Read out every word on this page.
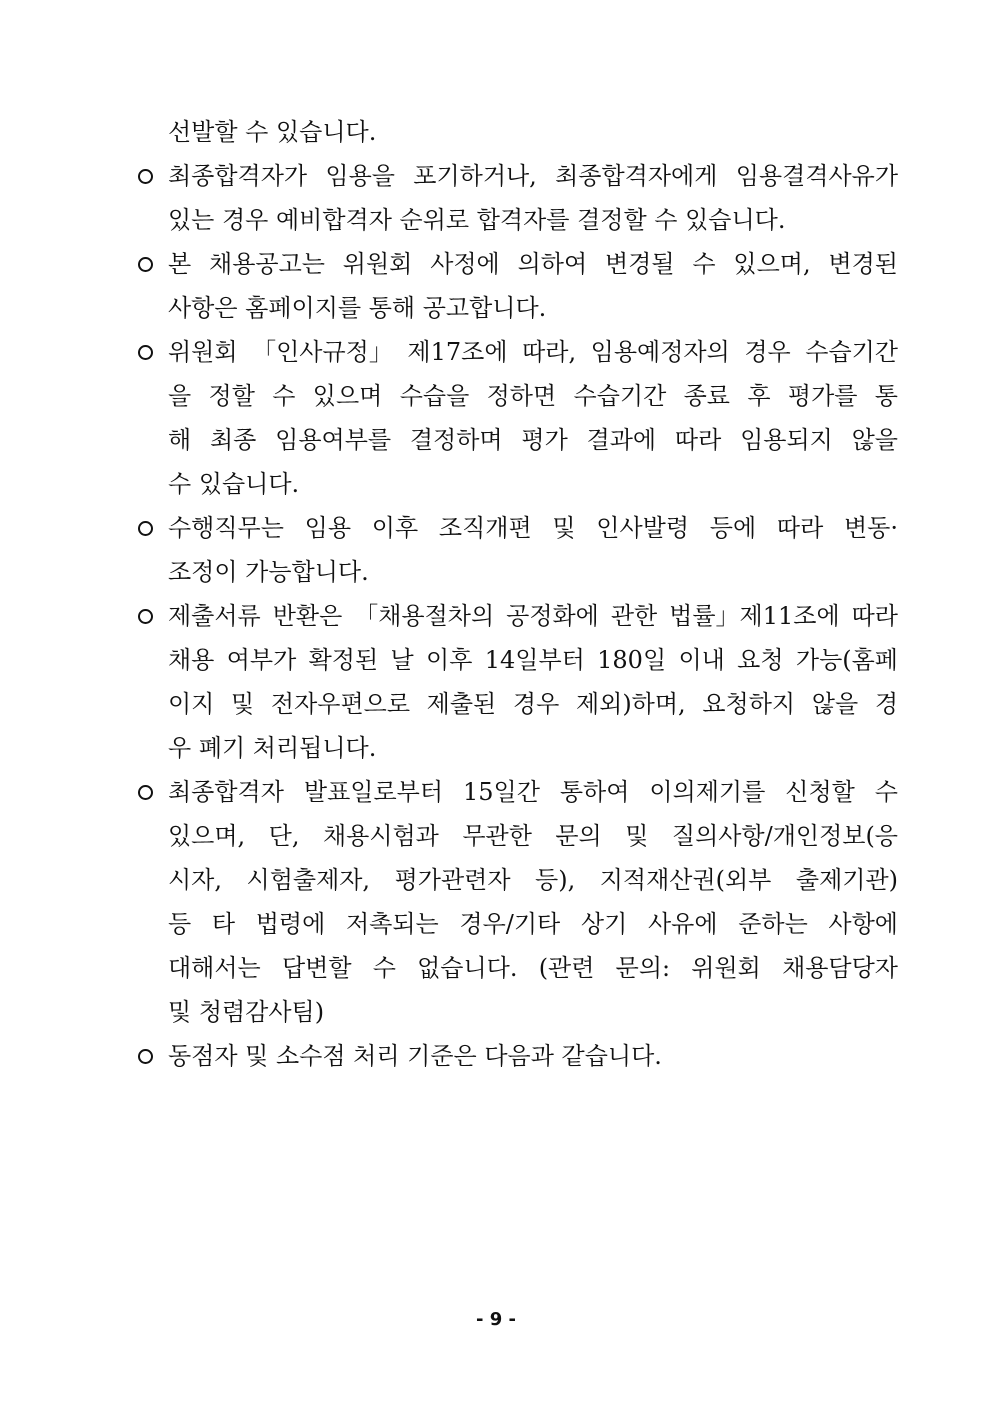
선발할 수 있습니다.
최종합격자가 임용을 포기하거나, 최종합격자에게 임용결격사유가
있는 경우 예비합격자 순위로 합격자를 결정할 수 있습니다.
본 채용공고는 위원회 사정에 의하여 변경될 수 있으며, 변경된
사항은 홈페이지를 통해 공고합니다.
위원회 「인사규정」 제17조에 따라, 임용예정자의 경우 수습기간
을 정할 수 있으며 수습을 정하면 수습기간 종료 후 평가를 통
해 최종 임용여부를 결정하며 평가 결과에 따라 임용되지 않을
수 있습니다.
수행직무는 임용 이후 조직개편 및 인사발령 등에 따라 변동·
조정이 가능합니다.
제출서류 반환은 「채용절차의 공정화에 관한 법률」제11조에 따라
채용 여부가 확정된 날 이후 14일부터 180일 이내 요청 가능(홈페
이지 및 전자우편으로 제출된 경우 제외)하며, 요청하지 않을 경
우 폐기 처리됩니다.
최종합격자 발표일로부터 15일간 통하여 이의제기를 신청할 수
있으며, 단, 채용시험과 무관한 문의 및 질의사항/개인정보(응
시자, 시험출제자, 평가관련자 등), 지적재산권(외부 출제기관)
등 타 법령에 저촉되는 경우/기타 상기 사유에 준하는 사항에
대해서는 답변할 수 없습니다. (관련 문의: 위원회 채용담당자
및 청렴감사팀)
동점자 및 소수점 처리 기준은 다음과 같습니다.
- 9 -
